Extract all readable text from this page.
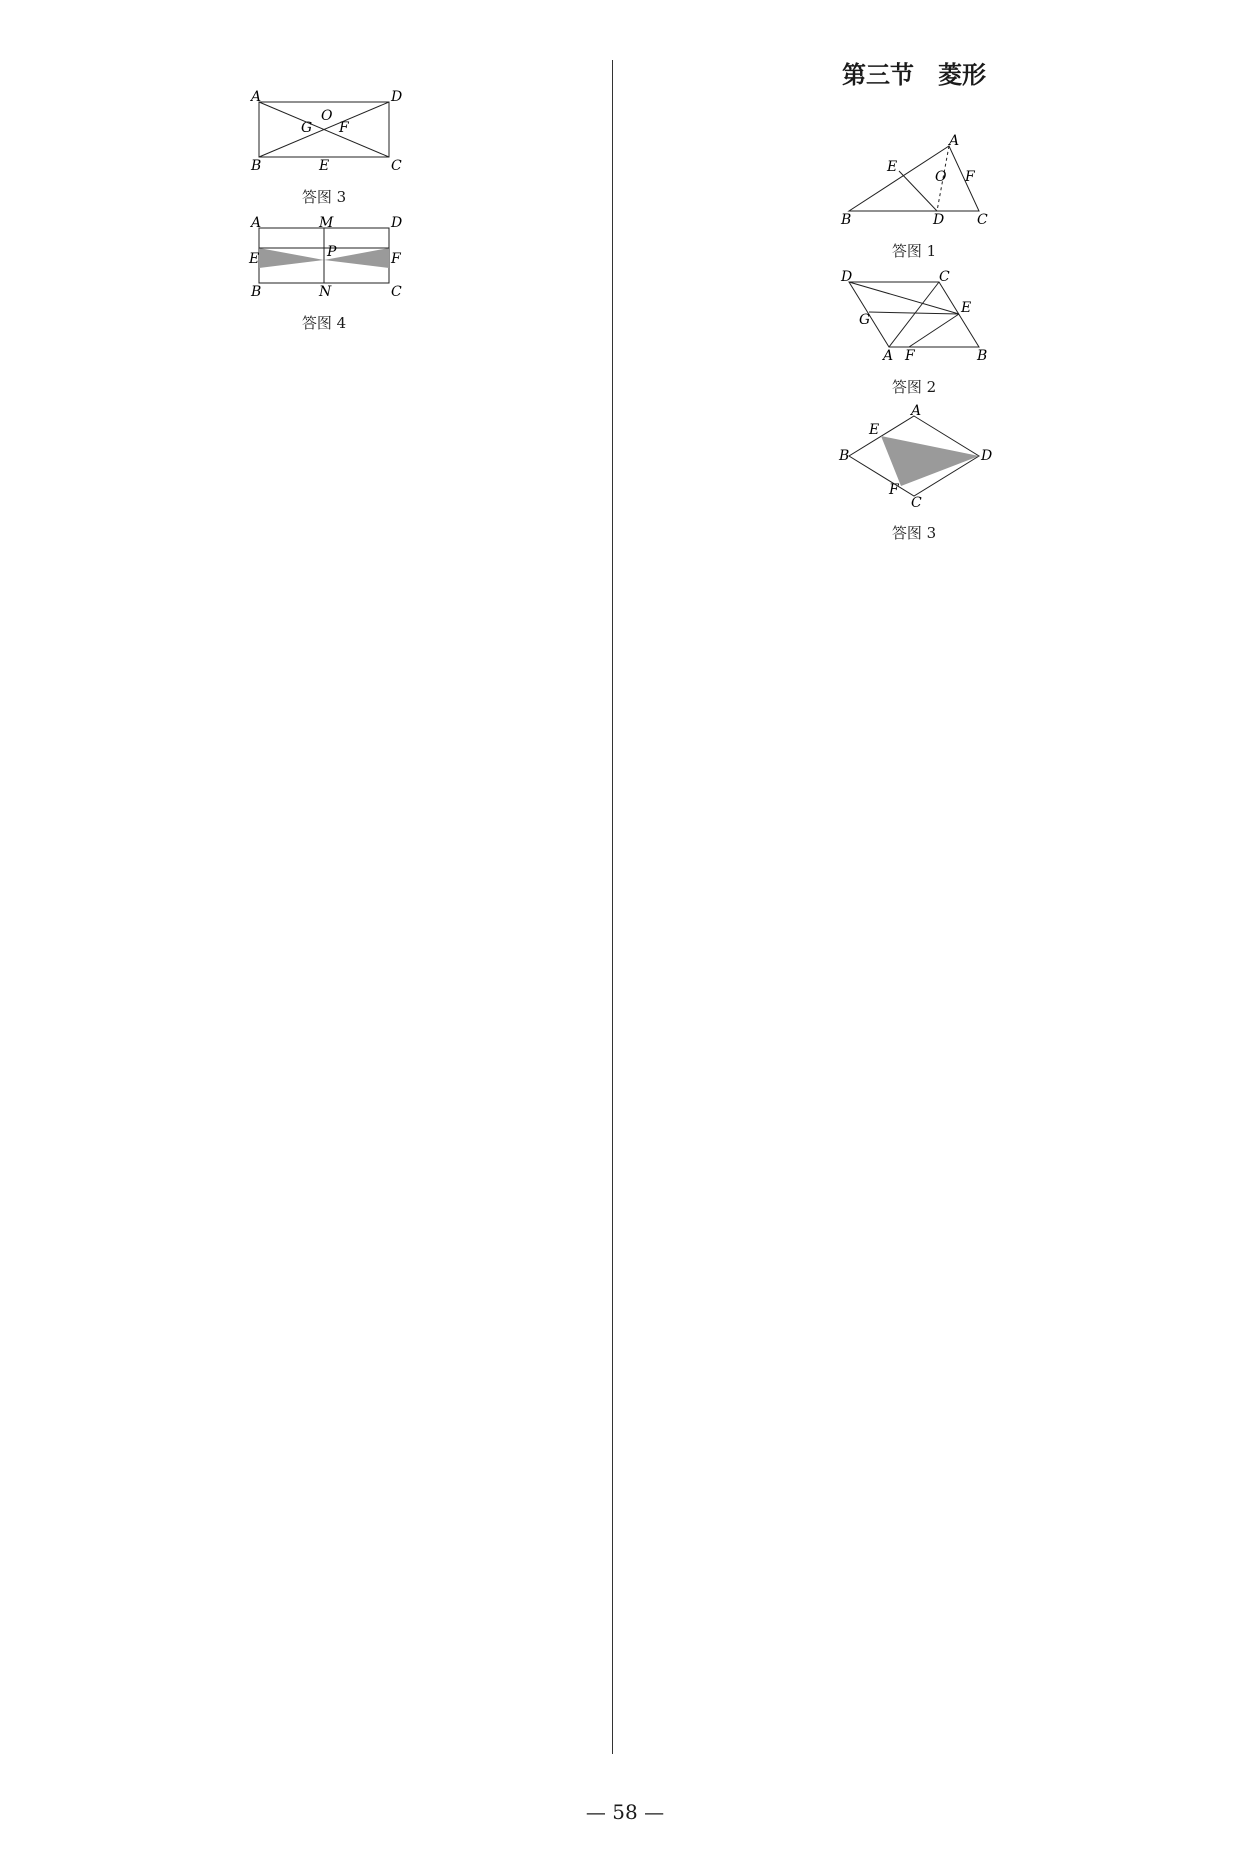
A	D
O
G F
B	E	C
答图 3
A	M	D
P
E	F
B	N	C
答图 4
第三节　菱形
A
E
O F
B	D C
答图 1
D	C
E
G
A F	B
答图 2
A
E
B	D
F
C
答图 3
— 58 —
